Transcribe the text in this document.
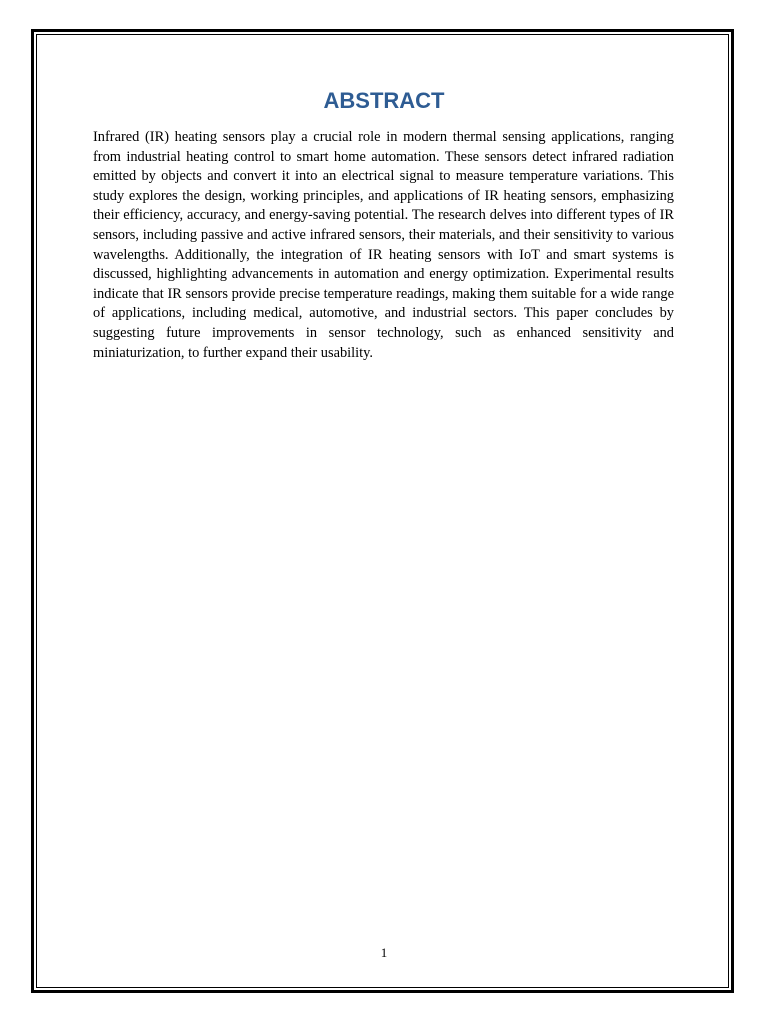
ABSTRACT

Infrared (IR) heating sensors play a crucial role in modern thermal sensing applications, ranging from industrial heating control to smart home automation. These sensors detect infrared radiation emitted by objects and convert it into an electrical signal to measure temperature variations. This study explores the design, working principles, and applications of IR heating sensors, emphasizing their efficiency, accuracy, and energy-saving potential. The research delves into different types of IR sensors, including passive and active infrared sensors, their materials, and their sensitivity to various wavelengths. Additionally, the integration of IR heating sensors with IoT and smart systems is discussed, highlighting advancements in automation and energy optimization. Experimental results indicate that IR sensors provide precise temperature readings, making them suitable for a wide range of applications, including medical, automotive, and industrial sectors. This paper concludes by suggesting future improvements in sensor technology, such as enhanced sensitivity and miniaturization, to further expand their usability.

1
